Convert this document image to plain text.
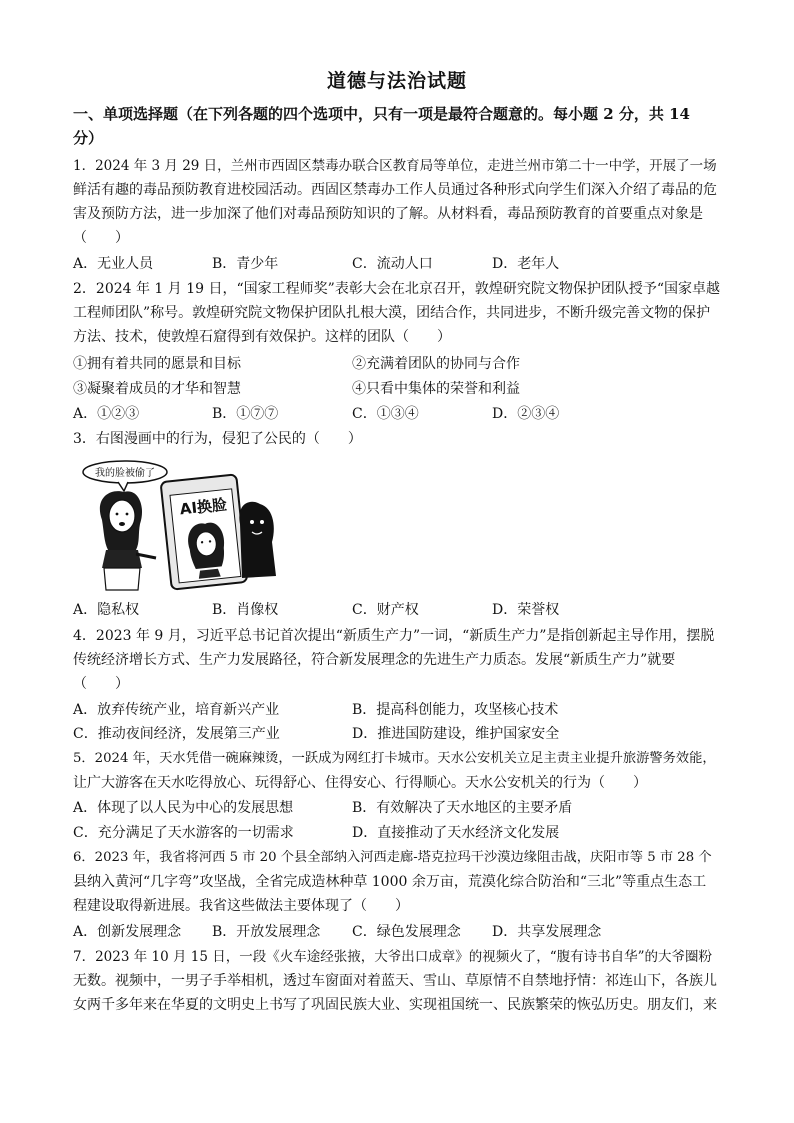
道德与法治试题
一、单项选择题（在下列各题的四个选项中，只有一项是最符合题意的。每小题 2 分，共 14
分）
1．2024 年 3 月 29 日，兰州市西固区禁毒办联合区教育局等单位，走进兰州市第二十一中学，开展了一场
鲜活有趣的毒品预防教育进校园活动。西固区禁毒办工作人员通过各种形式向学生们深入介绍了毒品的危
害及预防方法，进一步加深了他们对毒品预防知识的了解。从材料看，毒品预防教育的首要重点对象是
（　　）
A．无业人员	B．青少年	C．流动人口	D．老年人
2．2024 年 1 月 19 日，“国家工程师奖”表彰大会在北京召开，敦煌研究院文物保护团队授予“国家卓越
工程师团队”称号。敦煌研究院文物保护团队扎根大漠，团结合作，共同进步，不断升级完善文物的保护
方法、技术，使敦煌石窟得到有效保护。这样的团队（　　）
①拥有着共同的愿景和目标	②充满着团队的协同与合作
③凝聚着成员的才华和智慧	④只看中集体的荣誉和利益
A．①②③	B．①⑦⑦	C．①③④	D．②③④
3．右图漫画中的行为，侵犯了公民的（　　）
我的脸被偷了
AI换脸
A．隐私权	B．肖像权	C．财产权	D．荣誉权
4．2023 年 9 月，习近平总书记首次提出“新质生产力”一词，“新质生产力”是指创新起主导作用，摆脱
传统经济增长方式、生产力发展路径，符合新发展理念的先进生产力质态。发展“新质生产力”就要
（　　）
A．放弃传统产业，培育新兴产业	B．提高科创能力，攻坚核心技术
C．推动夜间经济，发展第三产业	D．推进国防建设，维护国家安全
5．2024 年，天水凭借一碗麻辣烫，一跃成为网红打卡城市。天水公安机关立足主责主业提升旅游警务效能，
让广大游客在天水吃得放心、玩得舒心、住得安心、行得顺心。天水公安机关的行为（　　）
A．体现了以人民为中心的发展思想	B．有效解决了天水地区的主要矛盾
C．充分满足了天水游客的一切需求	D．直接推动了天水经济文化发展
6．2023 年，我省将河西 5 市 20 个县全部纳入河西走廊-塔克拉玛干沙漠边缘阻击战，庆阳市等 5 市 28 个
县纳入黄河“几字弯”攻坚战，全省完成造林种草 1000 余万亩，荒漠化综合防治和“三北”等重点生态工
程建设取得新进展。我省这些做法主要体现了（　　）
A．创新发展理念 B．开放发展理念 C．绿色发展理念 D．共享发展理念
7．2023 年 10 月 15 日，一段《火车途经张掖，大爷出口成章》的视频火了，“腹有诗书自华”的大爷圈粉
无数。视频中，一男子手举相机，透过车窗面对着蓝天、雪山、草原情不自禁地抒情：祁连山下，各族儿
女两千多年来在华夏的文明史上书写了巩固民族大业、实现祖国统一、民族繁荣的恢弘历史。朋友们，来
